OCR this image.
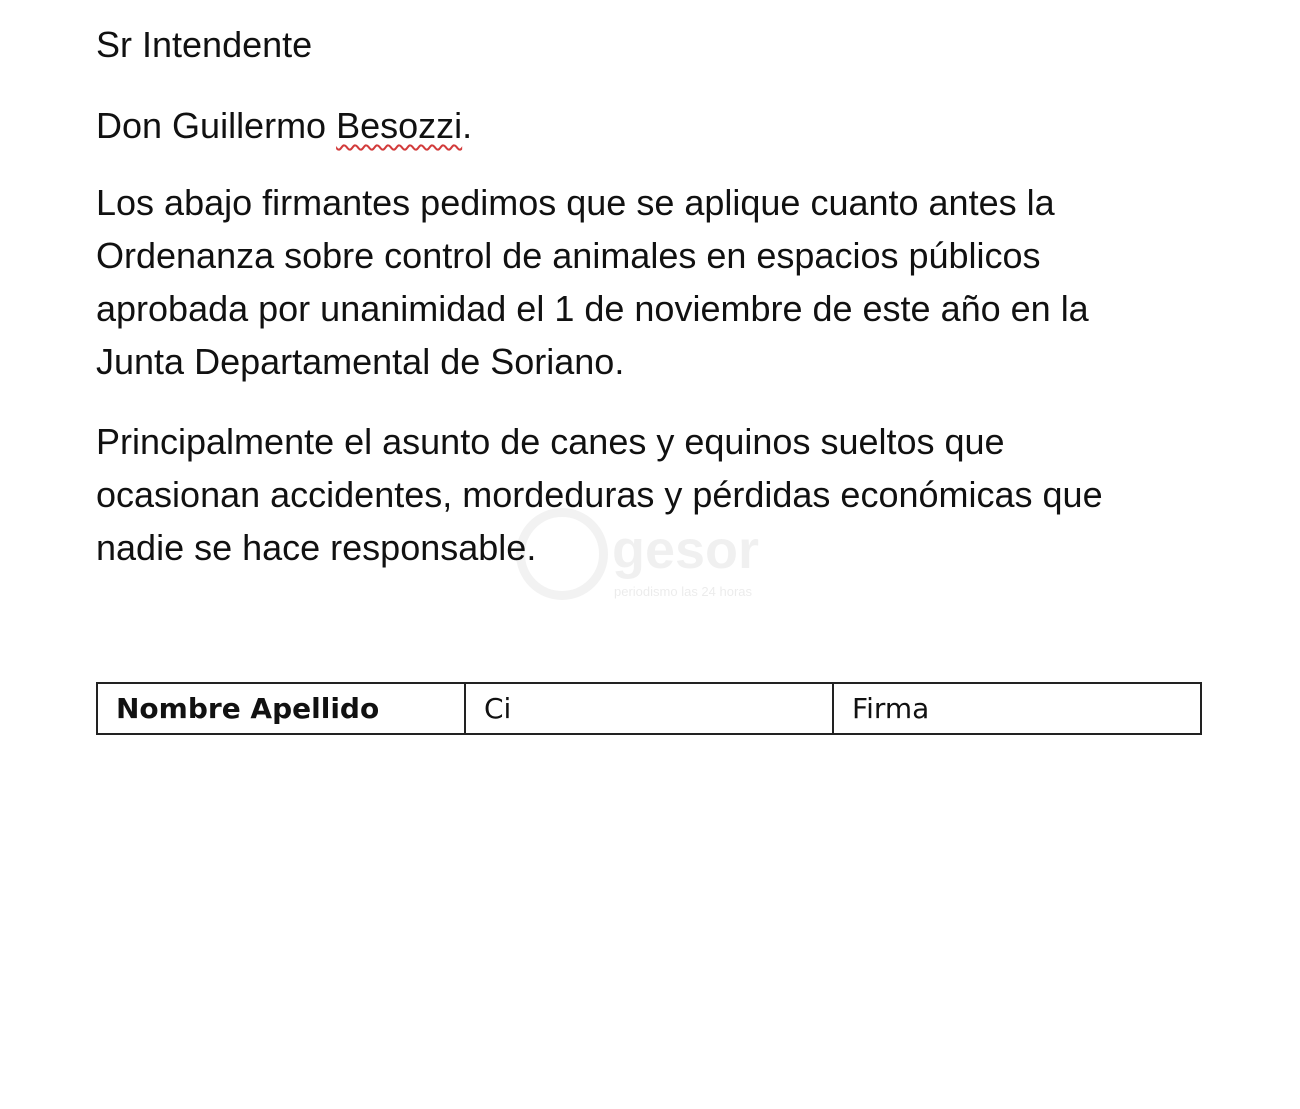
Sr Intendente

Don Guillermo Besozzi.

Los abajo firmantes pedimos que se aplique cuanto antes la
Ordenanza sobre control de animales en espacios públicos
aprobada por unanimidad el 1 de noviembre de este año en la
Junta Departamental de Soriano.
Principalmente el asunto de canes y equinos sueltos que
ocasionan accidentes, mordeduras y pérdidas económicas que
nadie se hace responsable.	gesor
periodismo las 24 horas
Nombre Apellido	Ci	Firma
